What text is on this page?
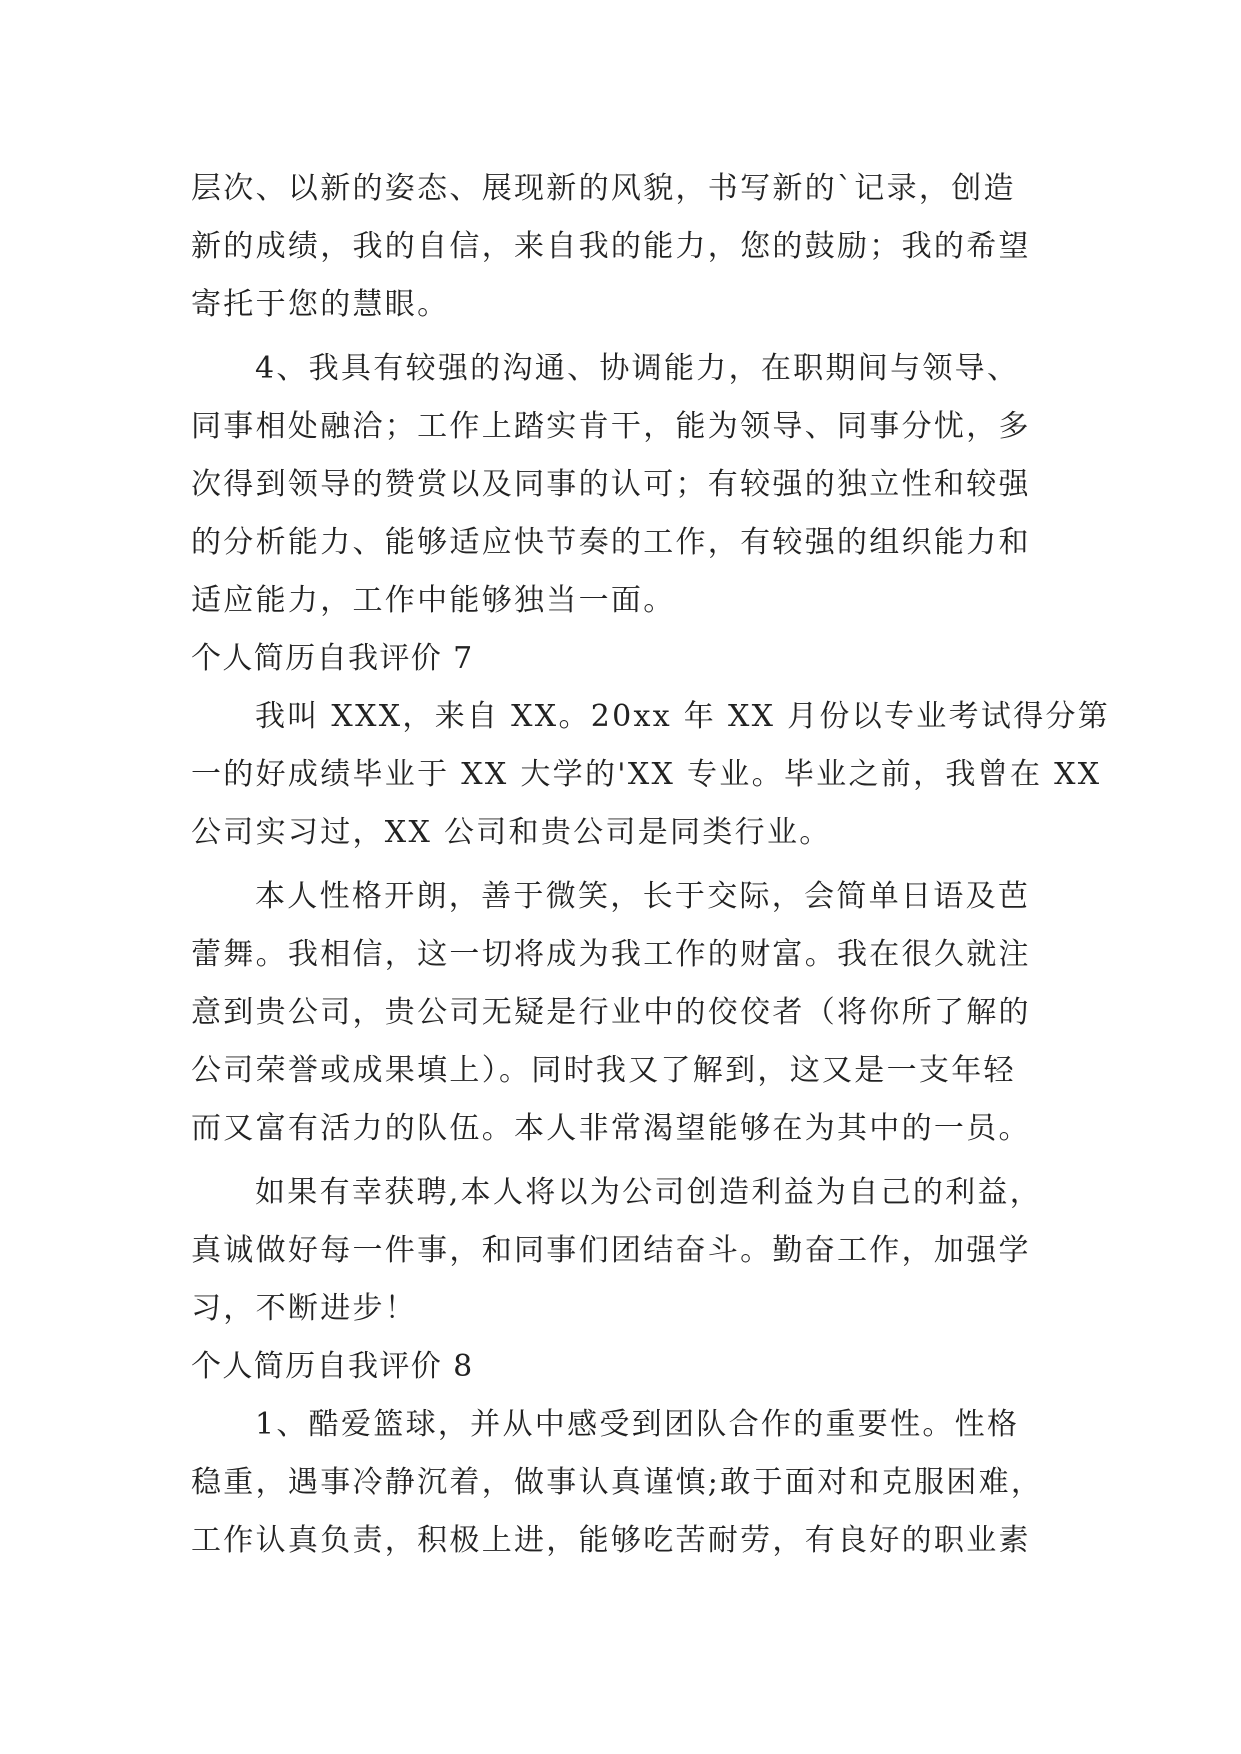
层次、以新的姿态、展现新的风貌，书写新的`记录，创造
新的成绩，我的自信，来自我的能力，您的鼓励；我的希望
寄托于您的慧眼。
4、我具有较强的沟通、协调能力，在职期间与领导、
同事相处融洽；工作上踏实肯干，能为领导、同事分忧，多
次得到领导的赞赏以及同事的认可；有较强的独立性和较强
的分析能力、能够适应快节奏的工作，有较强的组织能力和
适应能力，工作中能够独当一面。
个人简历自我评价 7
我叫 XXX，来自 XX。20xx 年 XX 月份以专业考试得分第
一的好成绩毕业于 XX 大学的'XX 专业。毕业之前，我曾在 XX
公司实习过，XX 公司和贵公司是同类行业。
本人性格开朗，善于微笑，长于交际，会简单日语及芭
蕾舞。我相信，这一切将成为我工作的财富。我在很久就注
意到贵公司，贵公司无疑是行业中的佼佼者（将你所了解的
公司荣誉或成果填上）。同时我又了解到，这又是一支年轻
而又富有活力的队伍。本人非常渴望能够在为其中的一员。
如果有幸获聘,本人将以为公司创造利益为自己的利益，
真诚做好每一件事，和同事们团结奋斗。勤奋工作，加强学
习，不断进步！
个人简历自我评价 8
1、酷爱篮球，并从中感受到团队合作的重要性。性格
稳重，遇事冷静沉着，做事认真谨慎;敢于面对和克服困难，
工作认真负责，积极上进，能够吃苦耐劳，有良好的职业素
